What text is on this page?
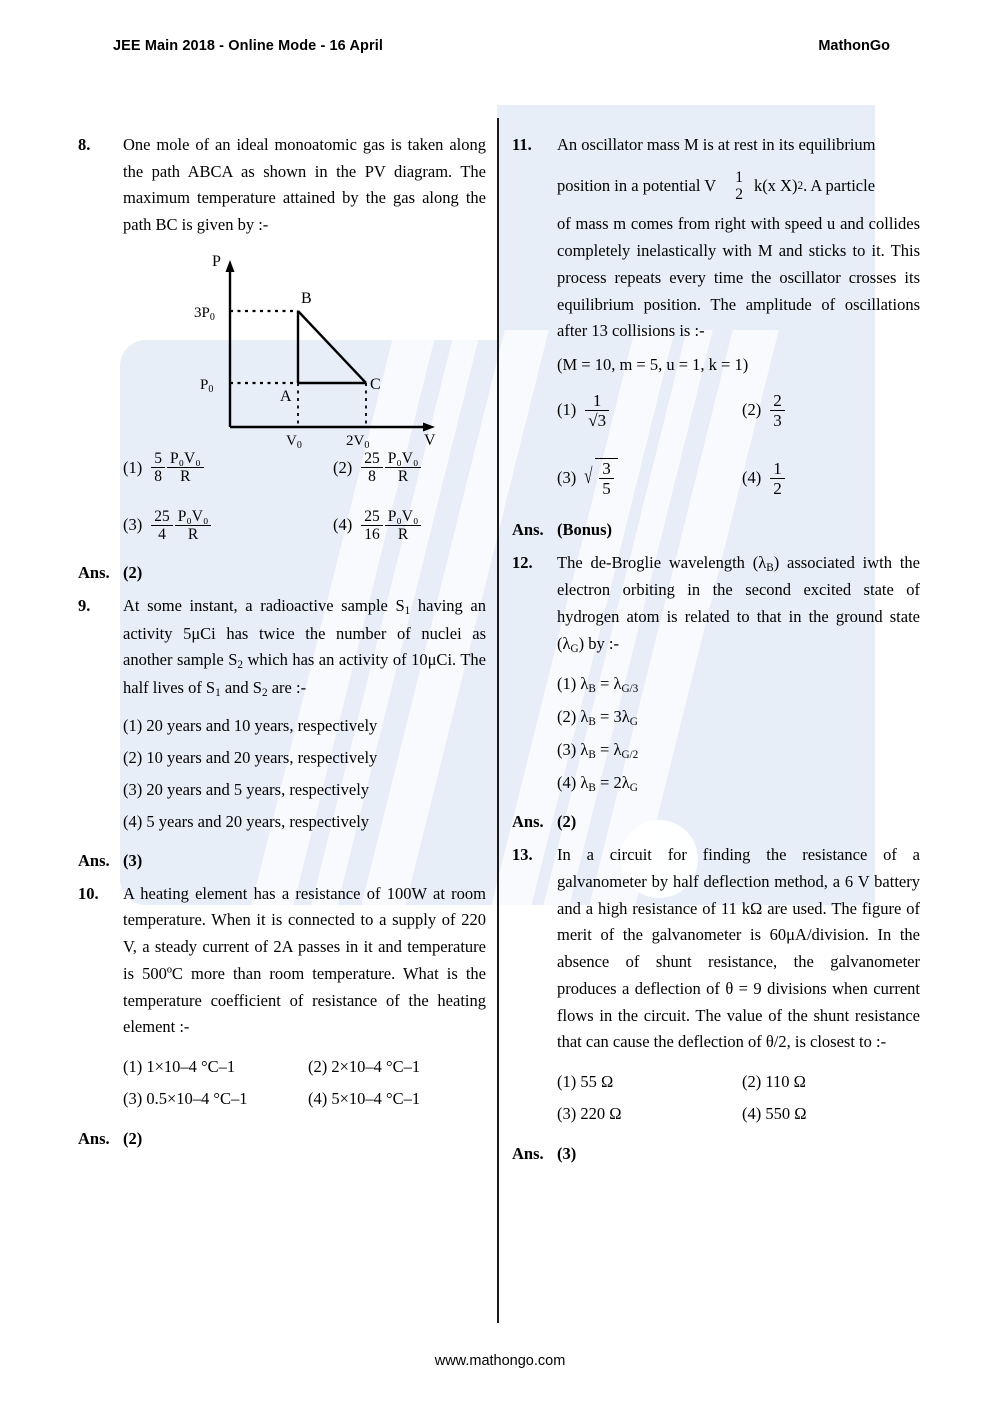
JEE Main 2018 - Online Mode - 16 April	MathonGo
8.	One mole of an ideal monoatomic gas is taken along the path ABCA as shown in the PV diagram. The maximum temperature attained by the gas along the path BC is given by :-
P
V
$3P_0$
$P_0$
$V_0$	$2V_0$
B
A
C
$(1) \frac{5}{8} \frac{\text{P₀V₀}}{R}$	$(2) \frac{25}{8} \frac{\text{P₀V₀}}{R}$
$(3) \frac{25}{4} \frac{\text{P₀V₀}}{R}$	$(4) \frac{25}{16} \frac{\text{P₀V₀}}{R}$
Ans. (2)
9.	At some instant, a radioactive sample $S_1$ having an activity 5μCi has twice the number of nuclei as another sample $S_2$ which has an activity of 10μCi. The half lives of $S_1$ and $S_2$ are :-
(1) 20 years and 10 years, respectively
(2) 10 years and 20 years, respectively
(3) 20 years and 5 years, respectively
(4) 5 years and 20 years, respectively
Ans. (3)
10.	A heating element has a resistance of 100W at room temperature. When it is connected to a supply of 220 V, a steady current of 2A passes in it and temperature is 500ºC more than room temperature. What is the temperature coefficient of resistance of the heating element :-
(1) 1×10–4 °C–1	(2) 2×10–4 °C–1
(3) 0.5×10–4 °C–1	(4) 5×10–4 °C–1
Ans. (2)
11.	An oscillator mass M is at rest in its equilibrium
position in a potential V 1
2 k(x X) 2 . A particle
of mass m comes from right with speed u and collides completely inelastically with M and sticks to it. This process repeats every time the oscillator crosses its equilibrium position. The amplitude of oscillations after 13 collisions is :-
(M = 10, m = 5, u = 1, k = 1)
$(1) \frac{1}{√3}$	$(2) \frac{2}{3}$
(3) √ $\frac{3}{5}$	$(4) \frac{1}{2}$
Ans. (Bonus)
12.	The de-Broglie wavelength $(\lambda_B)$ associated iwth the electron orbiting in the second excited state of hydrogen atom is related to that in the ground state $(\lambda_G)$ by :-
(1) $\lambda_B = \lambda_{G/3}$
(2) $\lambda_B = 3\lambda_G$
(3) $\lambda_B = \lambda_{G/2}$
(4) $\lambda_B = 2\lambda_G$
Ans. (2)
13.	In a circuit for finding the resistance of a galvanometer by half deflection method, a 6 V battery and a high resistance of 11 kΩ are used. The figure of merit of the galvanometer is 60μA/division. In the absence of shunt resistance, the galvanometer produces a deflection of θ = 9 divisions when current flows in the circuit. The value of the shunt resistance that can cause the deflection of θ/2, is closest to :-
(1) 55 Ω	(2) 110 Ω
(3) 220 Ω	(4) 550 Ω
Ans. (3)
www.mathongo.com
